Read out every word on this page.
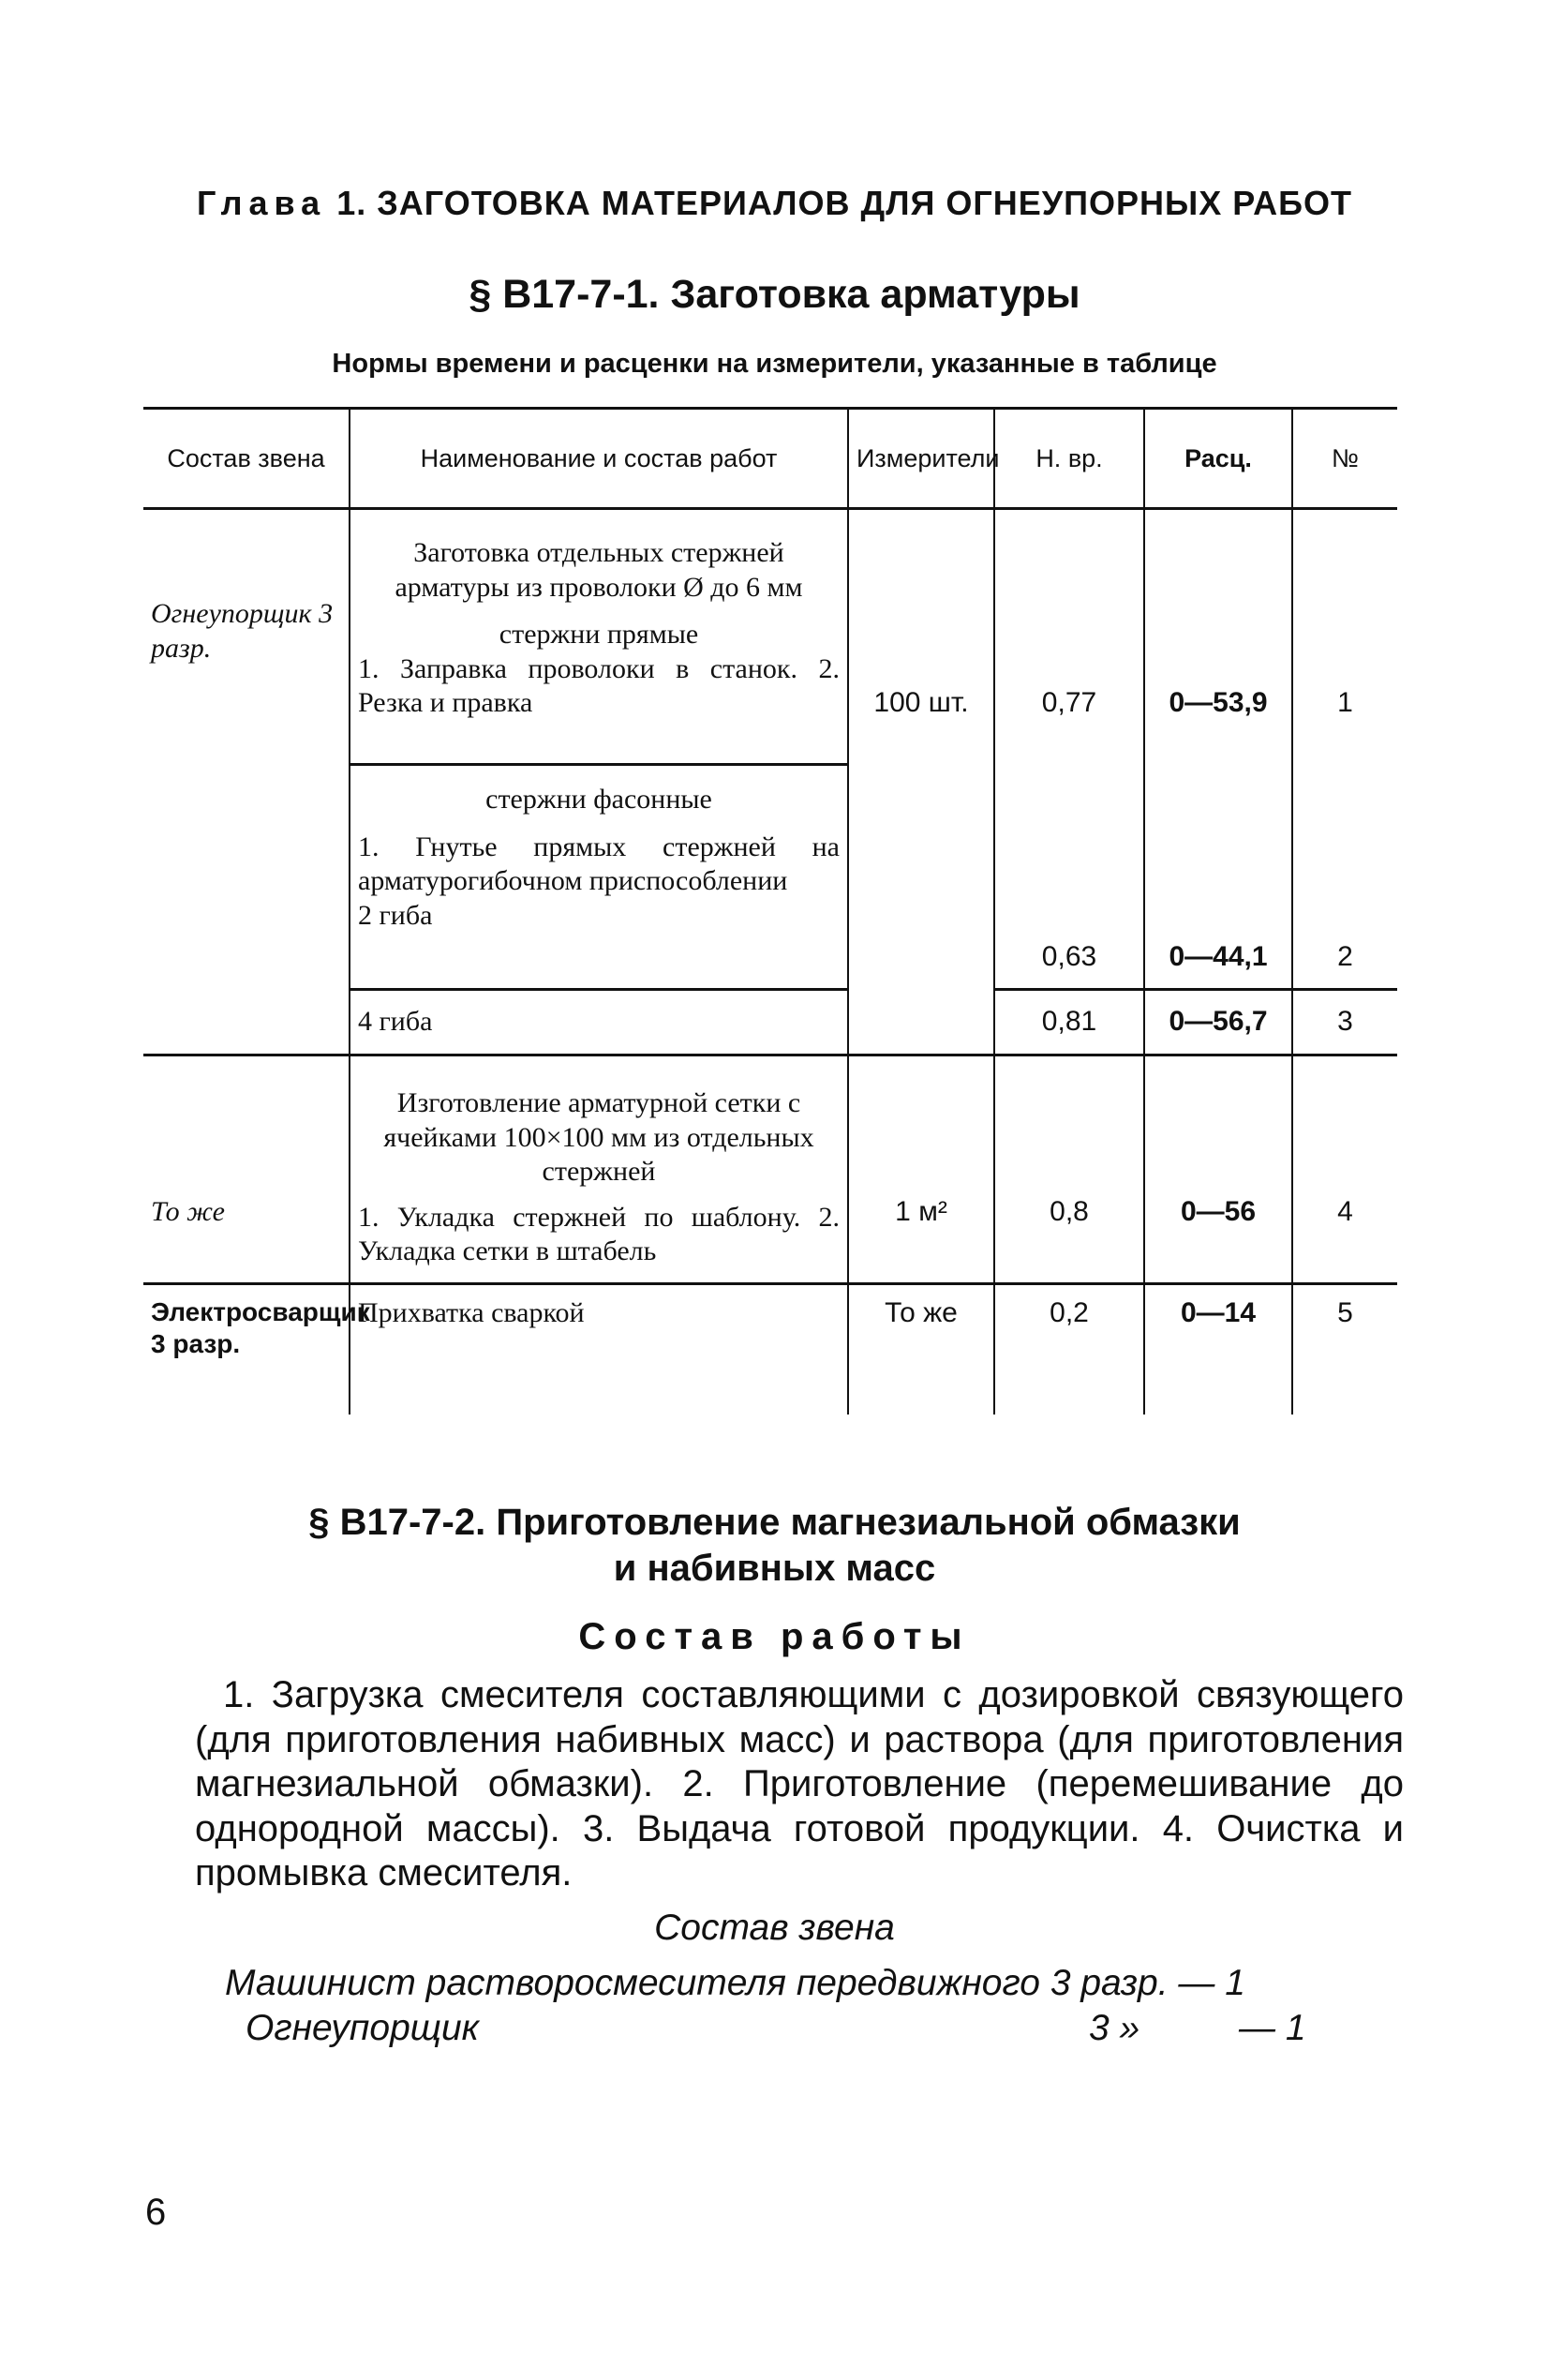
Глава 1. ЗАГОТОВКА МАТЕРИАЛОВ ДЛЯ ОГНЕУПОРНЫХ РАБОТ
§ В17-7-1. Заготовка арматуры
Нормы времени и расценки на измерители, указанные в таблице
Состав звена	Наименование и состав работ	Измерители	Н. вр.	Расц.	№

Огнеупорщик 3 разр.	Заготовка отдельных стержней арматуры из проволоки Ø до 6 мм
стержни прямые
1. Заправка проволоки в станок. 2. Резка и правка	100 шт.	0,77	0—53,9	1

	стержни фасонные
1. Гнутье прямых стержней на арматурогибочном приспособлении
2 гиба		0,63	0—44,1	2
	4 гиба		0,81	0—56,7	3
То же	Изготовление арматурной сетки с ячейками 100×100 мм из отдельных стержней
1. Укладка стержней по шаблону. 2. Укладка сетки в штабель	1 м²	0,8	0—56	4
Электросварщик 3 разр.	Прихватка сваркой	То же	0,2	0—14	5
§ В17-7-2. Приготовление магнезиальной обмазки
и набивных масс
Состав работы
1. Загрузка смесителя составляющими с дозировкой связующего (для приготовления набивных масс) и раствора (для приготовления магнезиальной обмазки). 2. Приготовление (перемешивание до однородной массы). 3. Выдача готовой продукции. 4. Очистка и промывка смесителя.
Состав звена
Машинист растворосмесителя передвижного 3 разр. — 1
Огнеупорщик	3 »	— 1
6
